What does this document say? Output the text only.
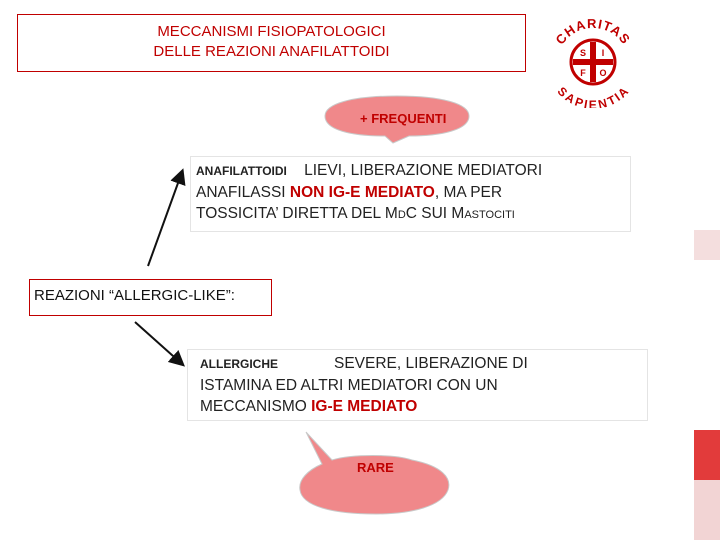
MECCANISMI FISIOPATOLOGICI
DELLE REAZIONI ANAFILATTOIDI
CHARITAS
SAPIENTIA
S
F O
I
+ FREQUENTI
ANAFILATTOIDI LIEVI, LIBERAZIONE MEDIATORI
ANAFILASSI NON IG-E MEDIATO, MA PER
TOSSICITA’ DIRETTA DEL MDC SUI MASTOCITI
REAZIONI “ALLERGIC-LIKE”:
ALLERGICHE	SEVERE, LIBERAZIONE DI
ISTAMINA ED ALTRI MEDIATORI CON UN
MECCANISMO IG-E MEDIATO
RARE
